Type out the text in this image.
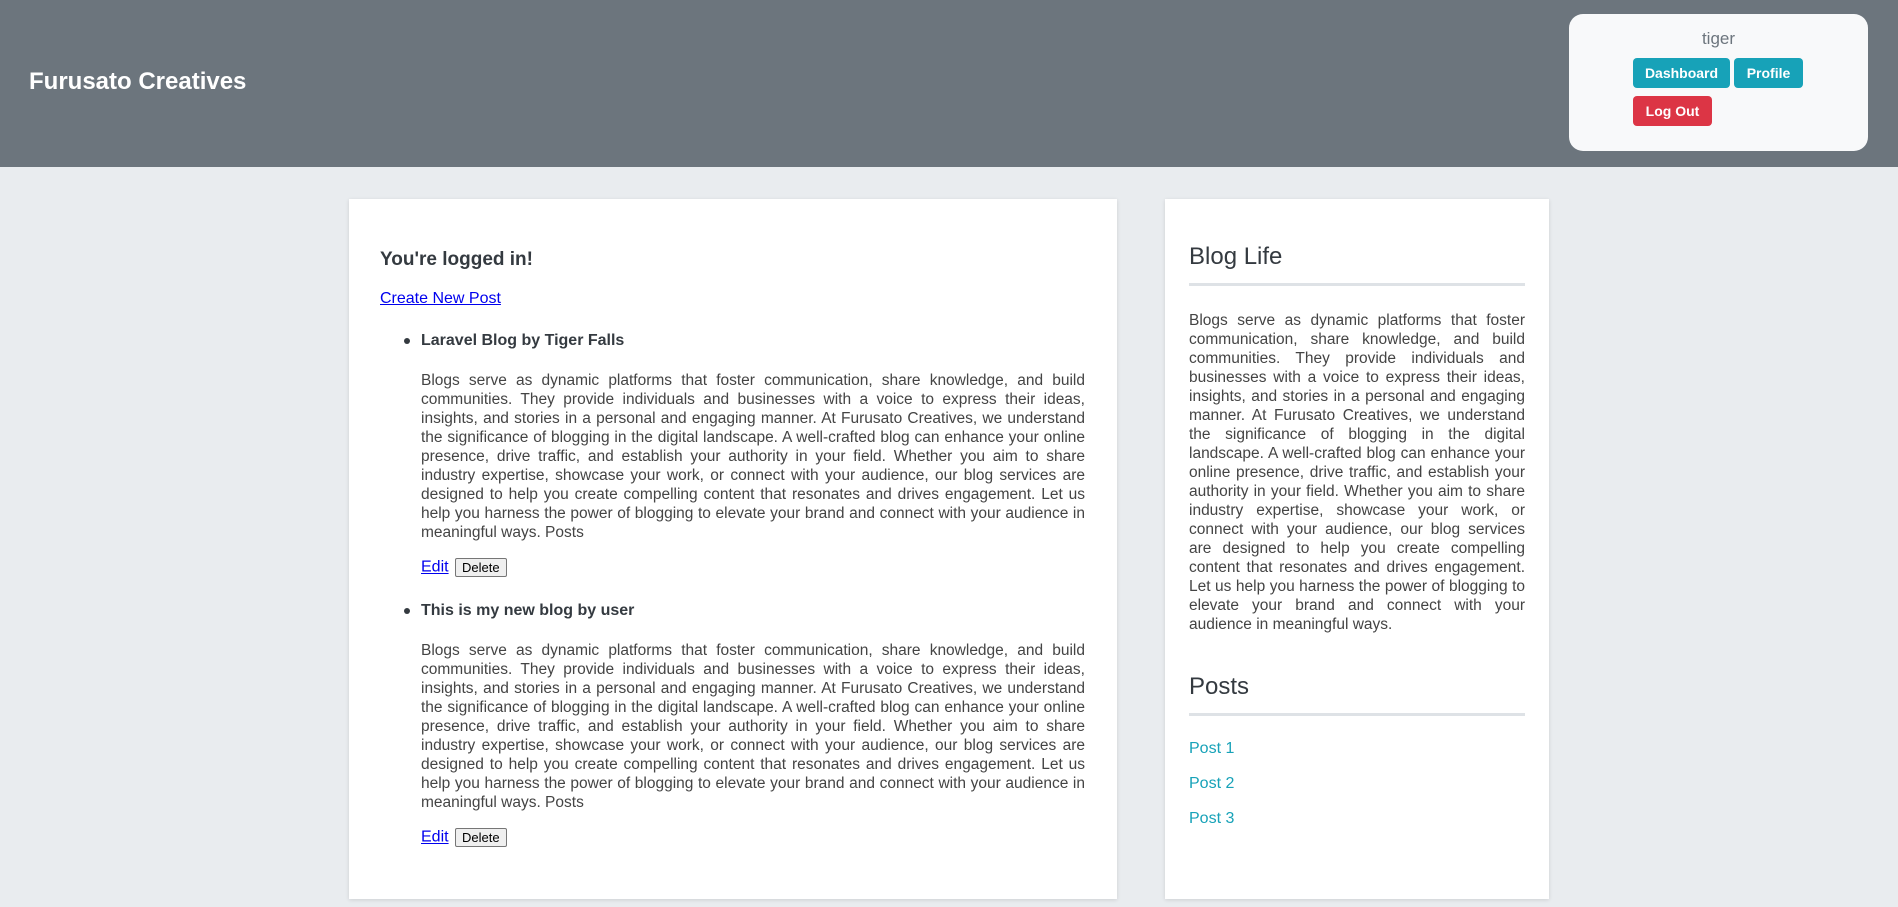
Furusato Creatives
tiger
Dashboard	Profile
Log Out
You're logged in!
Create New Post
Laravel Blog by Tiger Falls
Blogs serve as dynamic platforms that foster communication, share knowledge, and build communities. They provide individuals and businesses with a voice to express their ideas, insights, and stories in a personal and engaging manner. At Furusato Creatives, we understand the significance of blogging in the digital landscape. A well-crafted blog can enhance your online presence, drive traffic, and establish your authority in your field. Whether you aim to share industry expertise, showcase your work, or connect with your audience, our blog services are designed to help you create compelling content that resonates and drives engagement. Let us help you harness the power of blogging to elevate your brand and connect with your audience in meaningful ways. Posts
Edit Delete
This is my new blog by user
Blogs serve as dynamic platforms that foster communication, share knowledge, and build communities. They provide individuals and businesses with a voice to express their ideas, insights, and stories in a personal and engaging manner. At Furusato Creatives, we understand the significance of blogging in the digital landscape. A well-crafted blog can enhance your online presence, drive traffic, and establish your authority in your field. Whether you aim to share industry expertise, showcase your work, or connect with your audience, our blog services are designed to help you create compelling content that resonates and drives engagement. Let us help you harness the power of blogging to elevate your brand and connect with your audience in meaningful ways. Posts
Edit Delete
Blog Life
Blogs serve as dynamic platforms that foster communication, share knowledge, and build communities. They provide individuals and businesses with a voice to express their ideas, insights, and stories in a personal and engaging manner. At Furusato Creatives, we understand the significance of blogging in the digital landscape. A well-crafted blog can enhance your online presence, drive traffic, and establish your authority in your field. Whether you aim to share industry expertise, showcase your work, or connect with your audience, our blog services are designed to help you create compelling content that resonates and drives engagement. Let us help you harness the power of blogging to elevate your brand and connect with your audience in meaningful ways.
Posts
Post 1
Post 2
Post 3
